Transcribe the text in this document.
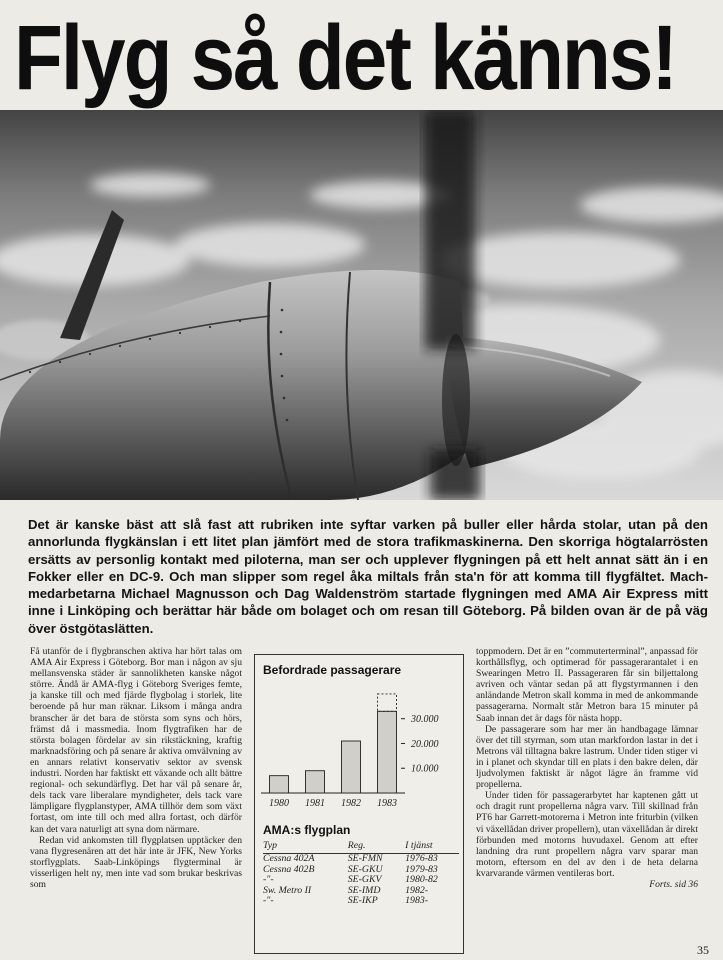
Flyg så det känns!

Det är kanske bäst att slå fast att rubriken inte syftar varken på buller eller hårda stolar, utan på den annorlunda flygkänslan i ett litet plan jämfört med de stora trafikmaskinerna. Den skorriga högtalarrösten ersätts av personlig kontakt med piloterna, man ser och upplever flygningen på ett helt annat sätt än i en Fokker eller en DC-9. Och man slipper som regel åka miltals från sta'n för att komma till flygfältet. Mach-medarbetarna Michael Magnusson och Dag Waldenström startade flygningen med AMA Air Express mitt inne i Linköping och berättar här både om bolaget och om resan till Göteborg. På bilden ovan är de på väg över östgötaslätten.

Få utanför de i flygbranschen aktiva har hört talas om AMA Air Express i Göteborg. Bor man i någon av sju mellansvenska städer är sannolikheten kanske något större. Ändå är AMA-flyg i Göteborg Sveriges femte, ja kanske till och med fjärde flygbolag i storlek, lite beroende på hur man räknar. Liksom i många andra branscher är det bara de största som syns och hörs, främst då i massmedia. Inom flygtrafiken har de största bolagen fördelar av sin rikstäckning, kraftig marknadsföring och på senare år aktiva omvälvning av en annars relativt konservativ sektor av svensk industri. Norden har faktiskt ett växande och allt bättre regional- och sekundärflyg. Det har väl på senare år, dels tack vare liberalare myndigheter, dels tack vare lämpligare flygplanstyper, AMA tillhör dem som växt fortast, om inte till och med allra fortast, och därför kan det vara naturligt att syna dom närmare.

Redan vid ankomsten till flygplatsen upptäcker den vana flygresenären att det här inte är JFK, New Yorks storflygplats. Saab-Linköpings flygterminal är visserligen helt ny, men inte vad som brukar beskrivas som

Befordrade passagerare
10.000
20.000
30.000
1980 1981 1982 1983
AMA:s flygplan
Typ	Reg.	I tjänst
Cessna 402A	SE-FMN	1976-83
Cessna 402B	SE-GKU	1979-83
-"-	SE-GKV	1980-82
Sw. Metro II	SE-IMD	1982-
-"-	SE-IKP	1983-

toppmodern. Det är en ”commuterterminal”, anpassad för korthållsflyg, och optimerad för passagerarantalet i en Swearingen Metro II. Passageraren får sin biljettalong avriven och väntar sedan på att flygstyrmannen i den anländande Metron skall komma in med de ankommande passagerarna. Normalt står Metron bara 15 minuter på Saab innan det är dags för nästa hopp.

De passagerare som har mer än handbagage lämnar över det till styrman, som utan markfordon lastar in det i Metrons väl tilltagna bakre lastrum. Under tiden stiger vi in i planet och skyndar till en plats i den bakre delen, där ljudvolymen faktiskt är något lägre än framme vid propellerna.

Under tiden för passagerarbytet har kaptenen gått ut och dragit runt propellerna några varv. Till skillnad från PT6 har Garrett-motorerna i Metron inte friturbin (vilken vi växellådan driver propellern), utan växellådan är direkt förbunden med motorns huvudaxel. Genom att efter landning dra runt propellern några varv sparar man motorn, eftersom en del av den i de heta delarna kvarvarande värmen ventileras bort.

Forts. sid 36

35
